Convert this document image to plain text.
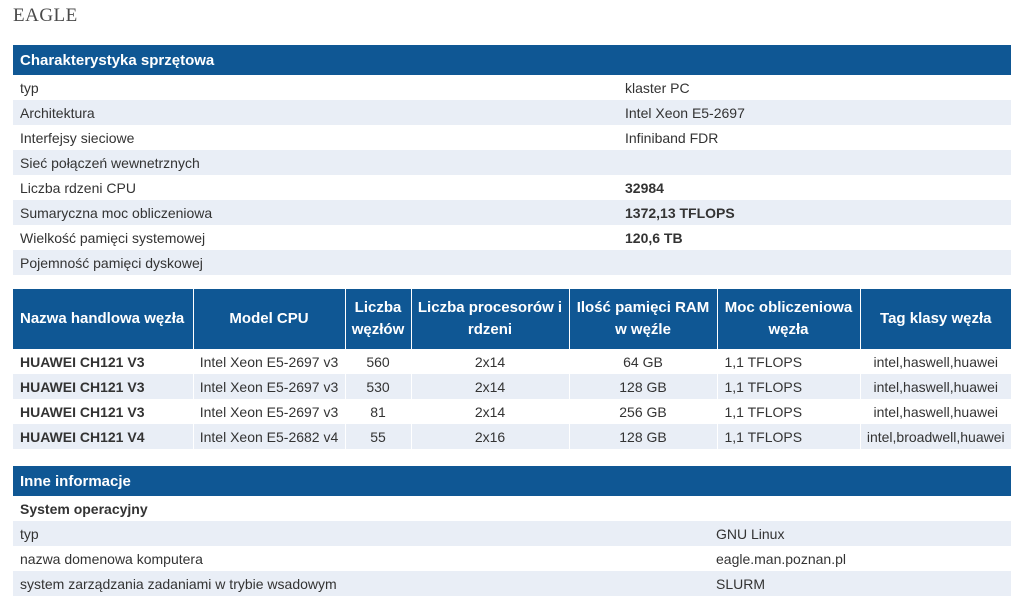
EAGLE
Charakterystyka sprzętowa	
typ	klaster PC
Architektura	Intel Xeon E5-2697
Interfejsy sieciowe	Infiniband FDR
Sieć połączeń wewnetrznych	
Liczba rdzeni CPU	32984
Sumaryczna moc obliczeniowa	1372,13 TFLOPS
Wielkość pamięci systemowej	120,6 TB
Pojemność pamięci dyskowej	
Nazwa handlowa węzła	Model CPU	Liczba węzłów	Liczba procesorów i rdzeni	Ilość pamięci RAM w węźle	Moc obliczeniowa węzła	Tag klasy węzła
HUAWEI CH121 V3	Intel Xeon E5-2697 v3	560	2x14	64 GB	1,1 TFLOPS	intel,haswell,huawei
HUAWEI CH121 V3	Intel Xeon E5-2697 v3	530	2x14	128 GB	1,1 TFLOPS	intel,haswell,huawei
HUAWEI CH121 V3	Intel Xeon E5-2697 v3	81	2x14	256 GB	1,1 TFLOPS	intel,haswell,huawei
HUAWEI CH121 V4	Intel Xeon E5-2682 v4	55	2x16	128 GB	1,1 TFLOPS	intel,broadwell,huawei
Inne informacje	
System operacyjny	
typ	GNU Linux
nazwa domenowa komputera	eagle.man.poznan.pl
system zarządzania zadaniami w trybie wsadowym	SLURM
